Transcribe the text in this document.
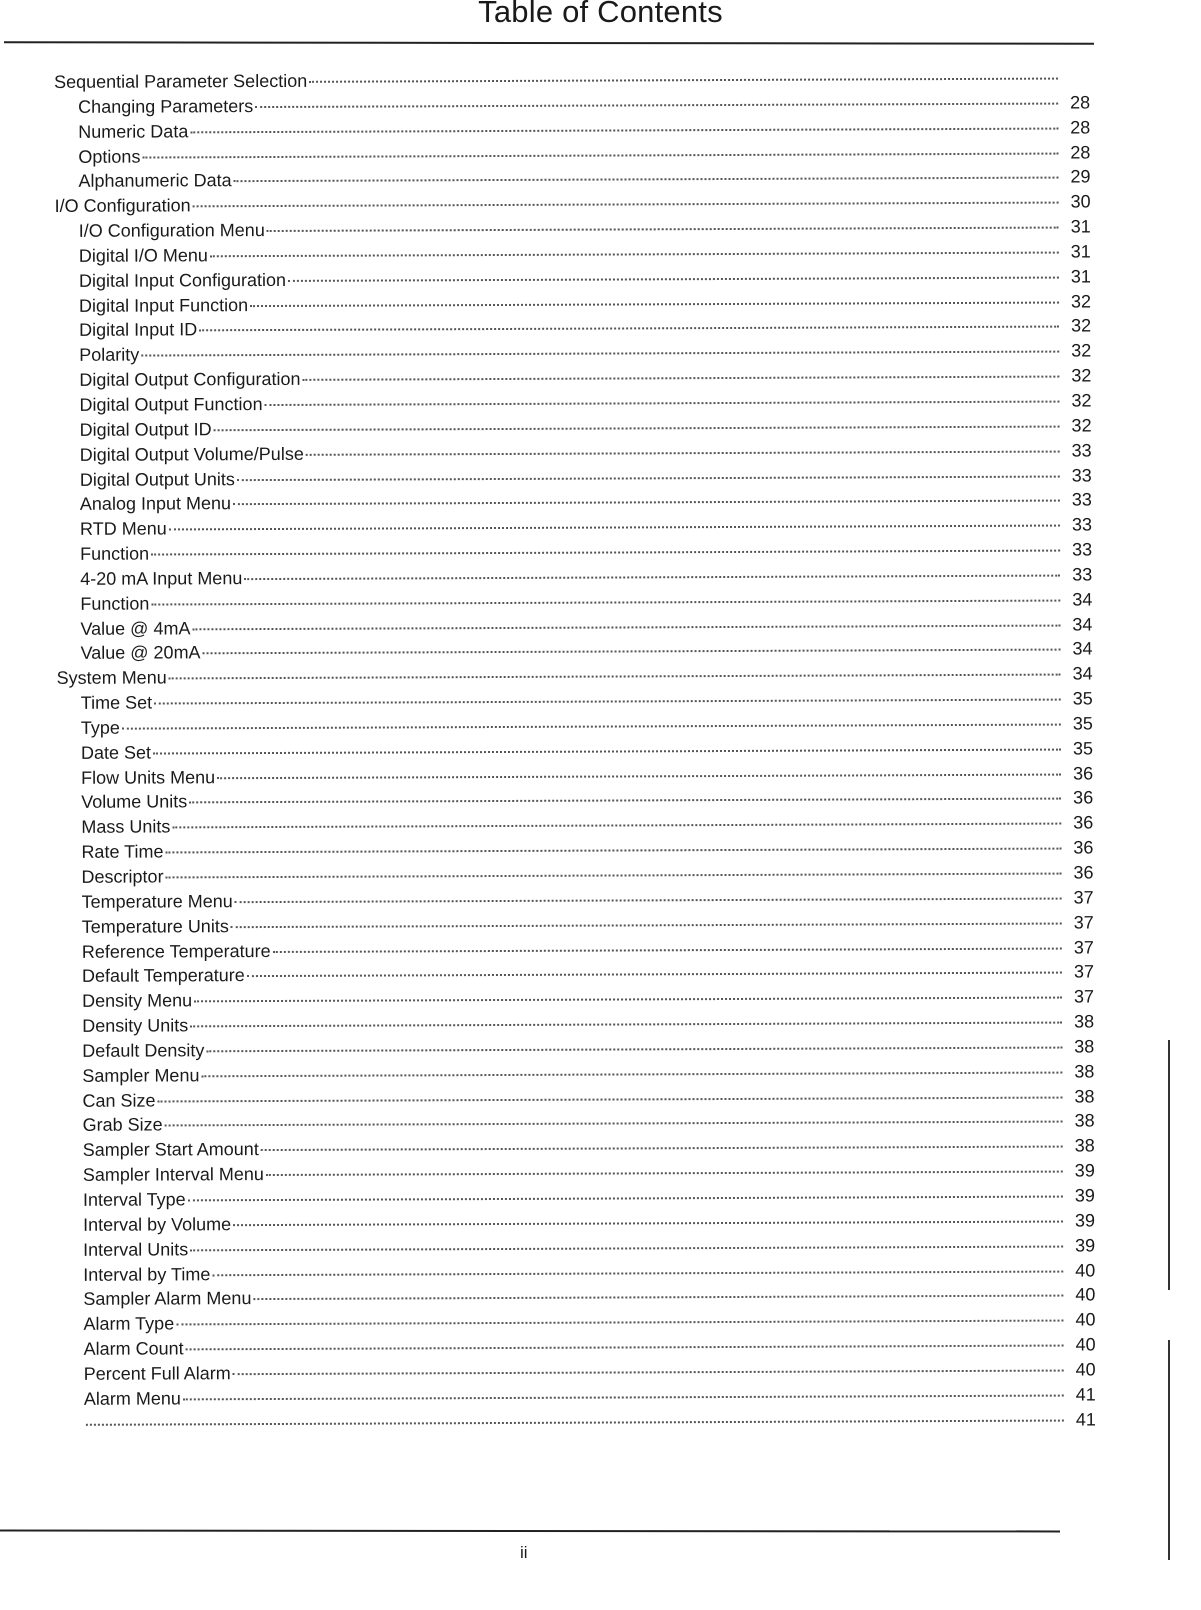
Table of Contents
Sequential Parameter Selection
Changing Parameters	28
Numeric Data	28
Options	28
Alphanumeric Data	29
I/O Configuration	30
I/O Configuration Menu	31
Digital I/O Menu	31
Digital Input Configuration	31
Digital Input Function	32
Digital Input ID	32
Polarity	32
Digital Output Configuration	32
Digital Output Function	32
Digital Output ID	32
Digital Output Volume/Pulse	33
Digital Output Units	33
Analog Input Menu	33
RTD Menu	33
Function	33
4-20 mA Input Menu	33
Function	34
Value @ 4mA	34
Value @ 20mA	34
System Menu	34
Time Set	35
Type	35
Date Set	35
Flow Units Menu	36
Volume Units	36
Mass Units	36
Rate Time	36
Descriptor	36
Temperature Menu	37
Temperature Units	37
Reference Temperature	37
Default Temperature	37
Density Menu	37
Density Units	38
Default Density	38
Sampler Menu	38
Can Size	38
Grab Size	38
Sampler Start Amount	38
Sampler Interval Menu	39
Interval Type	39
Interval by Volume	39
Interval Units	39
Interval by Time	40
Sampler Alarm Menu	40
Alarm Type	40
Alarm Count	40
Percent Full Alarm	40
Alarm Menu	41
41
ii
